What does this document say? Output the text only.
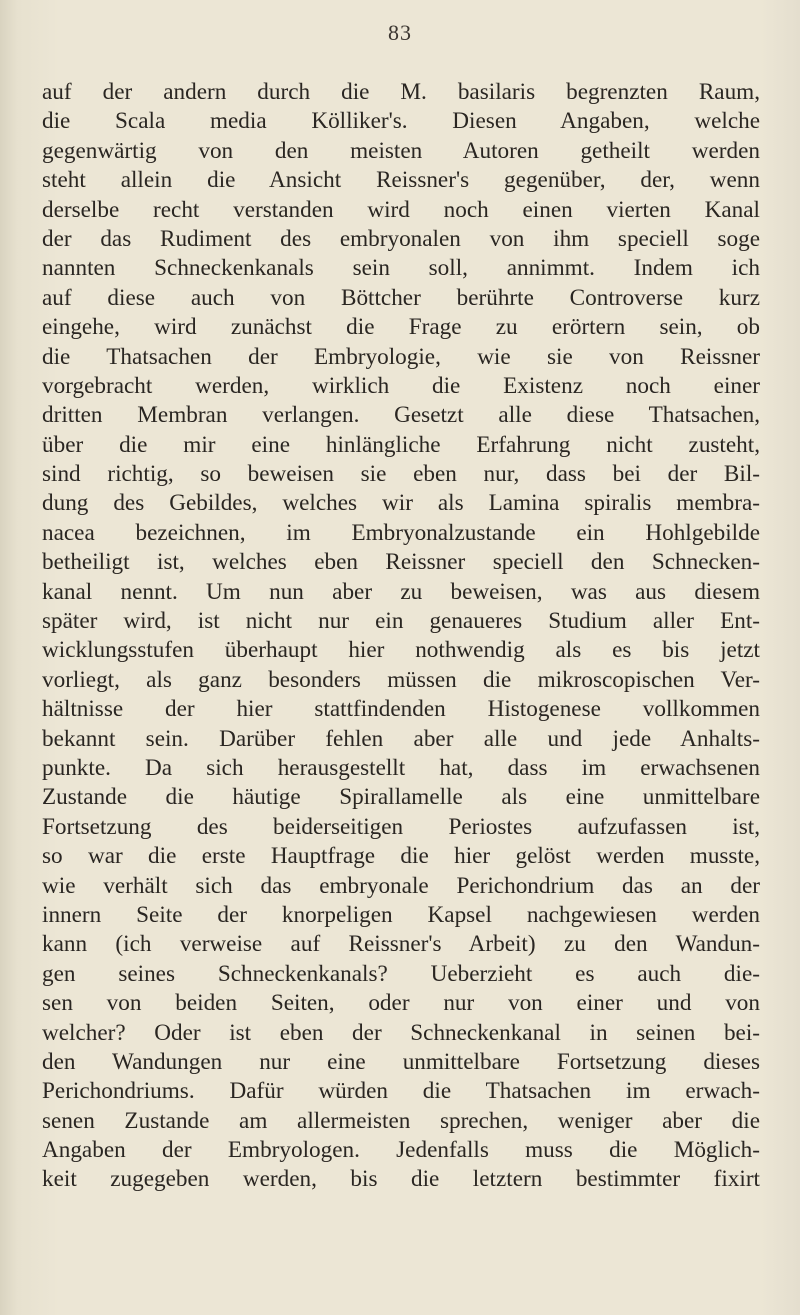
83
auf der andern durch die M. basilaris begrenzten Raum,
die Scala media Kölliker's. Diesen Angaben, welche
gegenwärtig von den meisten Autoren getheilt werden
steht allein die Ansicht Reissner's gegenüber, der, wenn
derselbe recht verstanden wird noch einen vierten Kanal
der das Rudiment des embryonalen von ihm speciell soge
nannten Schneckenkanals sein soll, annimmt. Indem ich
auf diese auch von Böttcher berührte Controverse kurz
eingehe, wird zunächst die Frage zu erörtern sein, ob
die Thatsachen der Embryologie, wie sie von Reissner
vorgebracht werden, wirklich die Existenz noch einer
dritten Membran verlangen. Gesetzt alle diese Thatsachen,
über die mir eine hinlängliche Erfahrung nicht zusteht,
sind richtig, so beweisen sie eben nur, dass bei der Bil-
dung des Gebildes, welches wir als Lamina spiralis membra-
nacea bezeichnen, im Embryonalzustande ein Hohlgebilde
betheiligt ist, welches eben Reissner speciell den Schnecken-
kanal nennt. Um nun aber zu beweisen, was aus diesem
später wird, ist nicht nur ein genaueres Studium aller Ent-
wicklungsstufen überhaupt hier nothwendig als es bis jetzt
vorliegt, als ganz besonders müssen die mikroscopischen Ver-
hältnisse der hier stattfindenden Histogenese vollkommen
bekannt sein. Darüber fehlen aber alle und jede Anhalts-
punkte. Da sich herausgestellt hat, dass im erwachsenen
Zustande die häutige Spirallamelle als eine unmittelbare
Fortsetzung des beiderseitigen Periostes aufzufassen ist,
so war die erste Hauptfrage die hier gelöst werden musste,
wie verhält sich das embryonale Perichondrium das an der
innern Seite der knorpeligen Kapsel nachgewiesen werden
kann (ich verweise auf Reissner's Arbeit) zu den Wandun-
gen seines Schneckenkanals? Ueberzieht es auch die-
sen von beiden Seiten, oder nur von einer und von
welcher? Oder ist eben der Schneckenkanal in seinen bei-
den Wandungen nur eine unmittelbare Fortsetzung dieses
Perichondriums. Dafür würden die Thatsachen im erwach-
senen Zustande am allermeisten sprechen, weniger aber die
Angaben der Embryologen. Jedenfalls muss die Möglich-
keit zugegeben werden, bis die letztern bestimmter fixirt
